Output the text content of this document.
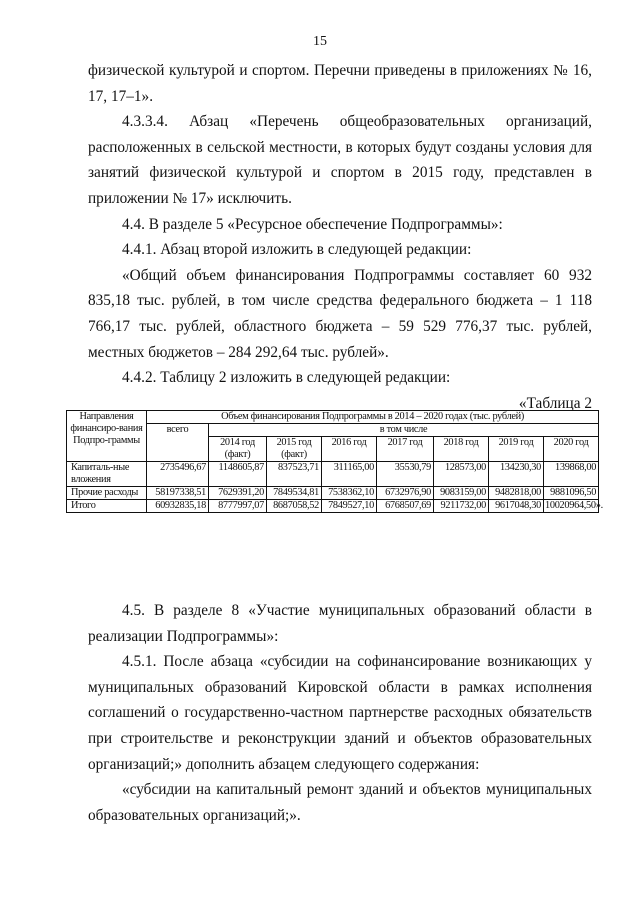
15

физической культурой и спортом. Перечни приведены в приложениях № 16, 17, 17–1».

4.3.3.4. Абзац «Перечень общеобразовательных организаций, расположенных в сельской местности, в которых будут созданы условия для занятий физической культурой и спортом в 2015 году, представлен в приложении № 17» исключить.

4.4. В разделе 5 «Ресурсное обеспечение Подпрограммы»:

4.4.1. Абзац второй изложить в следующей редакции:

«Общий объем финансирования Подпрограммы составляет 60 932 835,18 тыс. рублей, в том числе средства федерального бюджета – 1 118 766,17 тыс. рублей, областного бюджета – 59 529 776,37 тыс. рублей, местных бюджетов – 284 292,64 тыс. рублей».

4.4.2. Таблицу 2 изложить в следующей редакции:

«Таблица 2

Направления финансиро-вания Подпро-граммы	Объем финансирования Подпрограммы в 2014 – 2020 годах (тыс. рублей)							
	всего	в том числе						
		2014 год (факт)	2015 год (факт)	2016 год	2017 год	2018 год	2019 год	2020 год
Капиталь-ные вложения	2735496,67	1148605,87	837523,71	311165,00	35530,79	128573,00	134230,30	139868,00
Прочие расходы	58197338,51	7629391,20	7849534,81	7538362,10	6732976,90	9083159,00	9482818,00	9881096,50
Итого	60932835,18	8777997,07	8687058,52	7849527,10	6768507,69	9211732,00	9617048,30	10020964,50».

4.5. В разделе 8 «Участие муниципальных образований области в реализации Подпрограммы»:

4.5.1. После абзаца «субсидии на софинансирование возникающих у муниципальных образований Кировской области в рамках исполнения соглашений о государственно-частном партнерстве расходных обязательств при строительстве и реконструкции зданий и объектов образовательных организаций;» дополнить абзацем следующего содержания:

«субсидии на капитальный ремонт зданий и объектов муниципальных образовательных организаций;».
